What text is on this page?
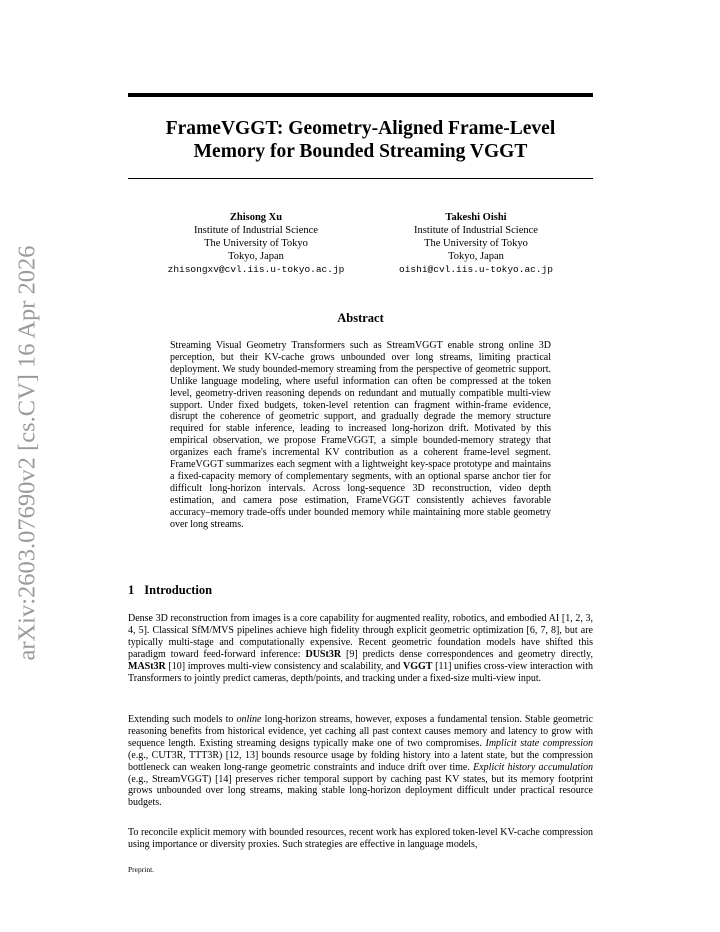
arXiv:2603.07690v2 [cs.CV] 16 Apr 2026
FrameVGGT: Geometry-Aligned Frame-Level Memory for Bounded Streaming VGGT
Zhisong Xu
Institute of Industrial Science
The University of Tokyo
Tokyo, Japan
zhisongxv@cvl.iis.u-tokyo.ac.jp
Takeshi Oishi
Institute of Industrial Science
The University of Tokyo
Tokyo, Japan
oishi@cvl.iis.u-tokyo.ac.jp
Abstract
Streaming Visual Geometry Transformers such as StreamVGGT enable strong online 3D perception, but their KV-cache grows unbounded over long streams, limiting practical deployment. We study bounded-memory streaming from the perspective of geometric support. Unlike language modeling, where useful information can often be compressed at the token level, geometry-driven reasoning depends on redundant and mutually compatible multi-view support. Under fixed budgets, token-level retention can fragment within-frame evidence, disrupt the coherence of geometric support, and gradually degrade the memory structure required for stable inference, leading to increased long-horizon drift. Motivated by this empirical observation, we propose FrameVGGT, a simple bounded-memory strategy that organizes each frame's incremental KV contribution as a coherent frame-level segment. FrameVGGT summarizes each segment with a lightweight key-space prototype and maintains a fixed-capacity memory of complementary segments, with an optional sparse anchor tier for difficult long-horizon intervals. Across long-sequence 3D reconstruction, video depth estimation, and camera pose estimation, FrameVGGT consistently achieves favorable accuracy–memory trade-offs under bounded memory while maintaining more stable geometry over long streams.
1 Introduction
Dense 3D reconstruction from images is a core capability for augmented reality, robotics, and embodied AI [1, 2, 3, 4, 5]. Classical SfM/MVS pipelines achieve high fidelity through explicit geometric optimization [6, 7, 8], but are typically multi-stage and computationally expensive. Recent geometric foundation models have shifted this paradigm toward feed-forward inference: DUSt3R [9] predicts dense correspondences and geometry directly, MASt3R [10] improves multi-view consistency and scalability, and VGGT [11] unifies cross-view interaction with Transformers to jointly predict cameras, depth/points, and tracking under a fixed-size multi-view input.
Extending such models to online long-horizon streams, however, exposes a fundamental tension. Stable geometric reasoning benefits from historical evidence, yet caching all past context causes memory and latency to grow with sequence length. Existing streaming designs typically make one of two compromises. Implicit state compression (e.g., CUT3R, TTT3R) [12, 13] bounds resource usage by folding history into a latent state, but the compression bottleneck can weaken long-range geometric constraints and induce drift over time. Explicit history accumulation (e.g., StreamVGGT) [14] preserves richer temporal support by caching past KV states, but its memory footprint grows unbounded over long streams, making stable long-horizon deployment difficult under practical resource budgets.
To reconcile explicit memory with bounded resources, recent work has explored token-level KV-cache compression using importance or diversity proxies. Such strategies are effective in language models,
Preprint.
